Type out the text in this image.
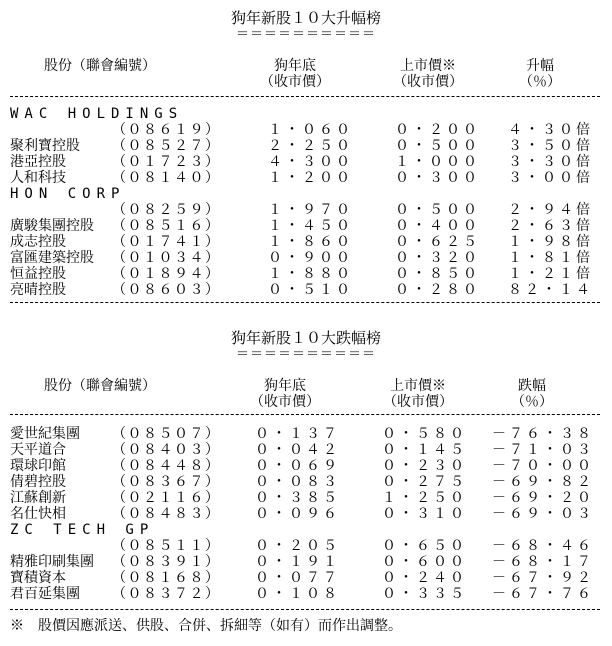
狗年新股１０大升幅榜
＝＝＝＝＝＝＝＝＝＝
股份（聯會編號）	狗年底
（收市價）
上市價※
（收市價）
升幅
（％）
WAC HOLDINGS
（０８６１９）	１・０６０	０・２００ ４・３０倍
聚利寶控股 （０８５２７）	２・２５０	０・５００ ３・５０倍
港亞控股	（０１７２３）	４・３００	１・０００ ３・３０倍
人和科技	（０８１４０）	１・２００	０・３００ ３・００倍
HON CORP
（０８２５９）	１・９７０	０・５００ ２・９４倍
廣駿集團控股 （０８５１６）	１・４５０	０・４００ ２・６３倍
成志控股	（０１７４１）	１・８６０	０・６２５ １・９８倍
富匯建築控股 （０１０３４）	０・９００	０・３２０ １・８１倍
恒益控股	（０１８９４）	１・８８０	０・８５０ １・２１倍
亮晴控股	（０８６０３）	０・５１０	０・２８０ ８２・１４
狗年新股１０大跌幅榜
＝＝＝＝＝＝＝＝＝＝
股份（聯會編號）	狗年底
（收市價）
上市價※
（收市價）
跌幅
（％）
愛世紀集團 （０８５０７） ０・１３７	０・５８０ －７６・３８
天平道合	（０８４０３） ０・０４２	０・１４５ －７１・０３
環球印館	（０８４４８） ０・０６９	０・２３０ －７０・００
倩碧控股	（０８３６７） ０・０８３	０・２７５ －６９・８２
江蘇創新	（０２１１６） ０・３８５	１・２５０ －６９・２０
名仕快相	（０８４８３） ０・０９６	０・３１０ －６９・０３
ZC TECH GP
（０８５１１） ０・２０５	０・６５０ －６８・４６
精雅印刷集團 （０８３９１） ０・１９１	０・６００ －６８・１７
寶積資本	（０８１６８） ０・０７７	０・２４０ －６７・９２
君百延集團 （０８３７２） ０・１０８	０・３３５ －６７・７６
※　股價因應派送、供股、合併、拆細等（如有）而作出調整。
